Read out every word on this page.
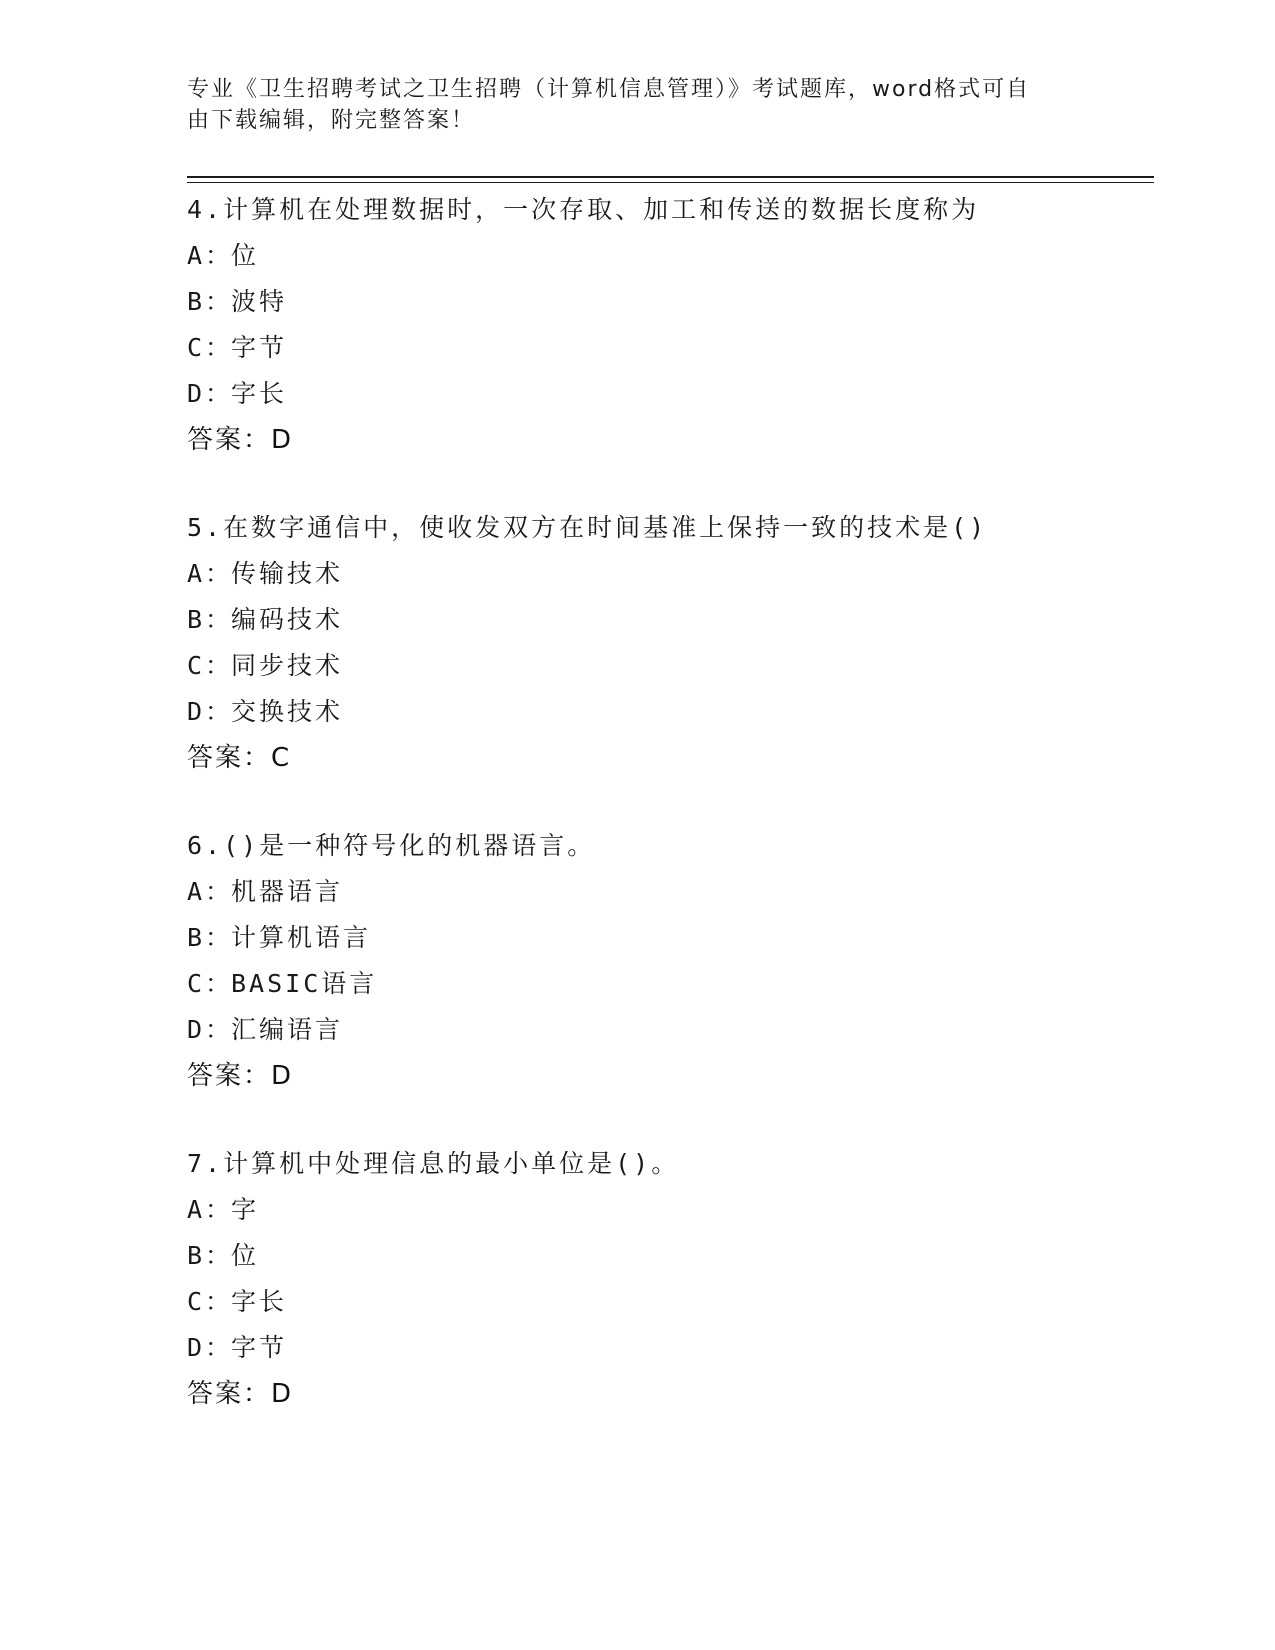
专业《卫生招聘考试之卫生招聘（计算机信息管理）》考试题库，word格式可自
由下载编辑，附完整答案！

4.计算机在处理数据时，一次存取、加工和传送的数据长度称为
A：位
B：波特
C：字节
D：字长
答案：D
5.在数字通信中，使收发双方在时间基准上保持一致的技术是()
A：传输技术
B：编码技术
C：同步技术
D：交换技术
答案：C
6.()是一种符号化的机器语言。
A：机器语言
B：计算机语言
C：BASIC语言
D：汇编语言
答案：D
7.计算机中处理信息的最小单位是()。
A：字
B：位
C：字长
D：字节
答案：D
